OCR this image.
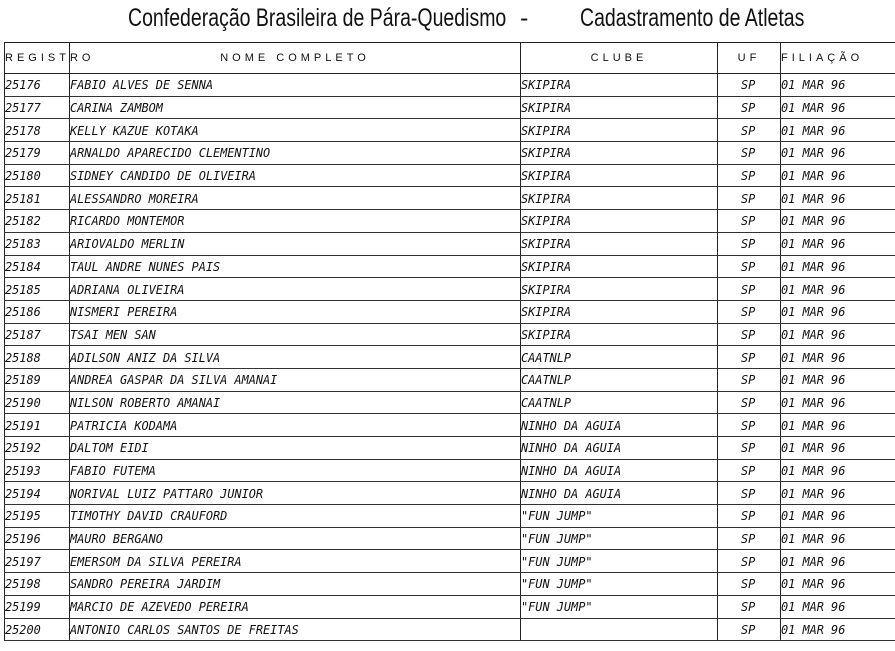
Confederação Brasileira de Pára-Quedismo - Cadastramento de Atletas
REGISTRO	NOME COMPLETO	CLUBE	UF	FILIAÇÃO
25176	FABIO ALVES DE SENNA	SKIPIRA	SP	01 MAR 96
25177	CARINA ZAMBOM	SKIPIRA	SP	01 MAR 96
25178	KELLY KAZUE KOTAKA	SKIPIRA	SP	01 MAR 96
25179	ARNALDO APARECIDO CLEMENTINO	SKIPIRA	SP	01 MAR 96
25180	SIDNEY CANDIDO DE OLIVEIRA	SKIPIRA	SP	01 MAR 96
25181	ALESSANDRO MOREIRA	SKIPIRA	SP	01 MAR 96
25182	RICARDO MONTEMOR	SKIPIRA	SP	01 MAR 96
25183	ARIOVALDO MERLIN	SKIPIRA	SP	01 MAR 96
25184	TAUL ANDRE NUNES PAIS	SKIPIRA	SP	01 MAR 96
25185	ADRIANA OLIVEIRA	SKIPIRA	SP	01 MAR 96
25186	NISMERI PEREIRA	SKIPIRA	SP	01 MAR 96
25187	TSAI MEN SAN	SKIPIRA	SP	01 MAR 96
25188	ADILSON ANIZ DA SILVA	CAATNLP	SP	01 MAR 96
25189	ANDREA GASPAR DA SILVA AMANAI	CAATNLP	SP	01 MAR 96
25190	NILSON ROBERTO AMANAI	CAATNLP	SP	01 MAR 96
25191	PATRICIA KODAMA	NINHO DA AGUIA	SP	01 MAR 96
25192	DALTOM EIDI	NINHO DA AGUIA	SP	01 MAR 96
25193	FABIO FUTEMA	NINHO DA AGUIA	SP	01 MAR 96
25194	NORIVAL LUIZ PATTARO JUNIOR	NINHO DA AGUIA	SP	01 MAR 96
25195	TIMOTHY DAVID CRAUFORD	"FUN JUMP"	SP	01 MAR 96
25196	MAURO BERGANO	"FUN JUMP"	SP	01 MAR 96
25197	EMERSOM DA SILVA PEREIRA	"FUN JUMP"	SP	01 MAR 96
25198	SANDRO PEREIRA JARDIM	"FUN JUMP"	SP	01 MAR 96
25199	MARCIO DE AZEVEDO PEREIRA	"FUN JUMP"	SP	01 MAR 96
25200	ANTONIO CARLOS SANTOS DE FREITAS		SP	01 MAR 96
